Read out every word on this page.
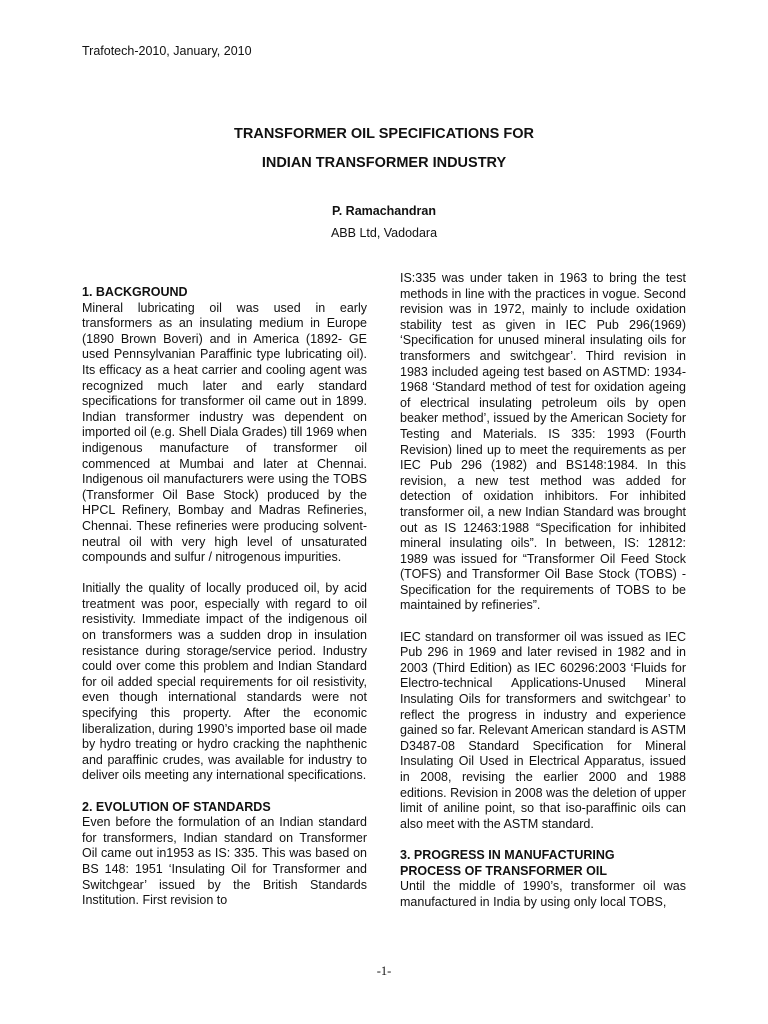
Trafotech-2010, January, 2010
TRANSFORMER OIL SPECIFICATIONS FOR
INDIAN TRANSFORMER INDUSTRY
P. Ramachandran
ABB Ltd, Vadodara
1. BACKGROUND

Mineral lubricating oil was used in early transformers as an insulating medium in Europe (1890 Brown Boveri) and in America (1892- GE used Pennsylvanian Paraffinic type lubricating oil). Its efficacy as a heat carrier and cooling agent was recognized much later and early standard specifications for transformer oil came out in 1899. Indian transformer industry was dependent on imported oil (e.g. Shell Diala Grades) till 1969 when indigenous manufacture of transformer oil commenced at Mumbai and later at Chennai. Indigenous oil manufacturers were using the TOBS (Transformer Oil Base Stock) produced by the HPCL Refinery, Bombay and Madras Refineries, Chennai. These refineries were producing solvent-neutral oil with very high level of unsaturated compounds and sulfur / nitrogenous impurities.

Initially the quality of locally produced oil, by acid treatment was poor, especially with regard to oil resistivity. Immediate impact of the indigenous oil on transformers was a sudden drop in insulation resistance during storage/service period. Industry could over come this problem and Indian Standard for oil added special requirements for oil resistivity, even though international standards were not specifying this property. After the economic liberalization, during 1990’s imported base oil made by hydro treating or hydro cracking the naphthenic and paraffinic crudes, was available for industry to deliver oils meeting any international specifications.

2. EVOLUTION OF STANDARDS

Even before the formulation of an Indian standard for transformers, Indian standard on Transformer Oil came out in1953 as IS: 335. This was based on BS 148: 1951 ‘Insulating Oil for Transformer and Switchgear’ issued by the British Standards Institution. First revision to

IS:335 was under taken in 1963 to bring the test methods in line with the practices in vogue. Second revision was in 1972, mainly to include oxidation stability test as given in IEC Pub 296(1969) ‘Specification for unused mineral insulating oils for transformers and switchgear’. Third revision in 1983 included ageing test based on ASTMD: 1934-1968 ‘Standard method of test for oxidation ageing of electrical insulating petroleum oils by open beaker method’, issued by the American Society for Testing and Materials. IS 335: 1993 (Fourth Revision) lined up to meet the requirements as per IEC Pub 296 (1982) and BS148:1984. In this revision, a new test method was added for detection of oxidation inhibitors. For inhibited transformer oil, a new Indian Standard was brought out as IS 12463:1988 “Specification for inhibited mineral insulating oils”. In between, IS: 12812: 1989 was issued for “Transformer Oil Feed Stock (TOFS) and Transformer Oil Base Stock (TOBS) - Specification for the requirements of TOBS to be maintained by refineries”.

IEC standard on transformer oil was issued as IEC Pub 296 in 1969 and later revised in 1982 and in 2003 (Third Edition) as IEC 60296:2003 ‘Fluids for Electro-technical Applications-Unused Mineral Insulating Oils for transformers and switchgear’ to reflect the progress in industry and experience gained so far. Relevant American standard is ASTM D3487-08 Standard Specification for Mineral Insulating Oil Used in Electrical Apparatus, issued in 2008, revising the earlier 2000 and 1988 editions. Revision in 2008 was the deletion of upper limit of aniline point, so that iso-paraffinic oils can also meet with the ASTM standard.

3. PROGRESS IN MANUFACTURING
PROCESS OF TRANSFORMER OIL

Until the middle of 1990’s, transformer oil was manufactured in India by using only local TOBS,

-1-
